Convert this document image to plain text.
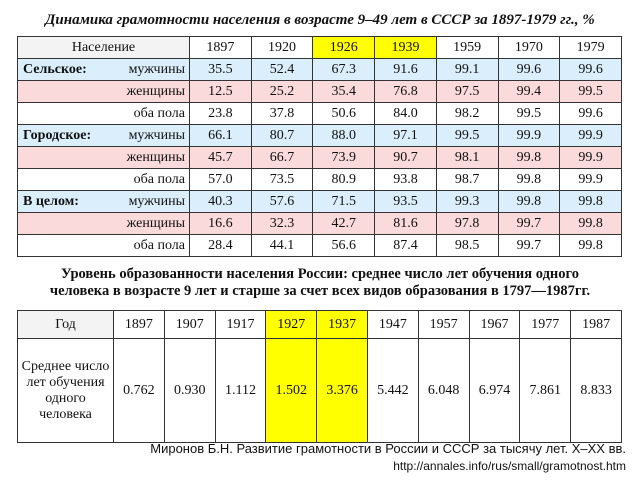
Динамика грамотности населения в возрасте 9–49 лет в СССР за 1897-1979 гг., %
Население	1897	1920	1926	1939	1959	1970	1979

Сельское: мужчины	35.5	52.4	67.3	91.6	99.1	99.6	99.6

женщины	12.5	25.2	35.4	76.8	97.5	99.4	99.5

оба пола	23.8	37.8	50.6	84.0	98.2	99.5	99.6

Городское: мужчины	66.1	80.7	88.0	97.1	99.5	99.9	99.9

женщины	45.7	66.7	73.9	90.7	98.1	99.8	99.9

оба пола	57.0	73.5	80.9	93.8	98.7	99.8	99.9

В целом: мужчины	40.3	57.6	71.5	93.5	99.3	99.8	99.8

женщины	16.6	32.3	42.7	81.6	97.8	99.7	99.8

оба пола	28.4	44.1	56.6	87.4	98.5	99.7	99.8
Уровень образованности населения России: среднее число лет обучения одного
человека в возрасте 9 лет и старше за счет всех видов образования в 1797—1987гг.
Год	1897	1907	1917	1927	1937	1947	1957	1967	1977	1987
Среднее число лет обучения одного человека	0.762	0.930	1.112	1.502	3.376	5.442	6.048	6.974	7.861	8.833
Миронов Б.Н. Развитие грамотности в России и СССР за тысячу лет. X–XX вв.
http://annales.info/rus/small/gramotnost.htm
